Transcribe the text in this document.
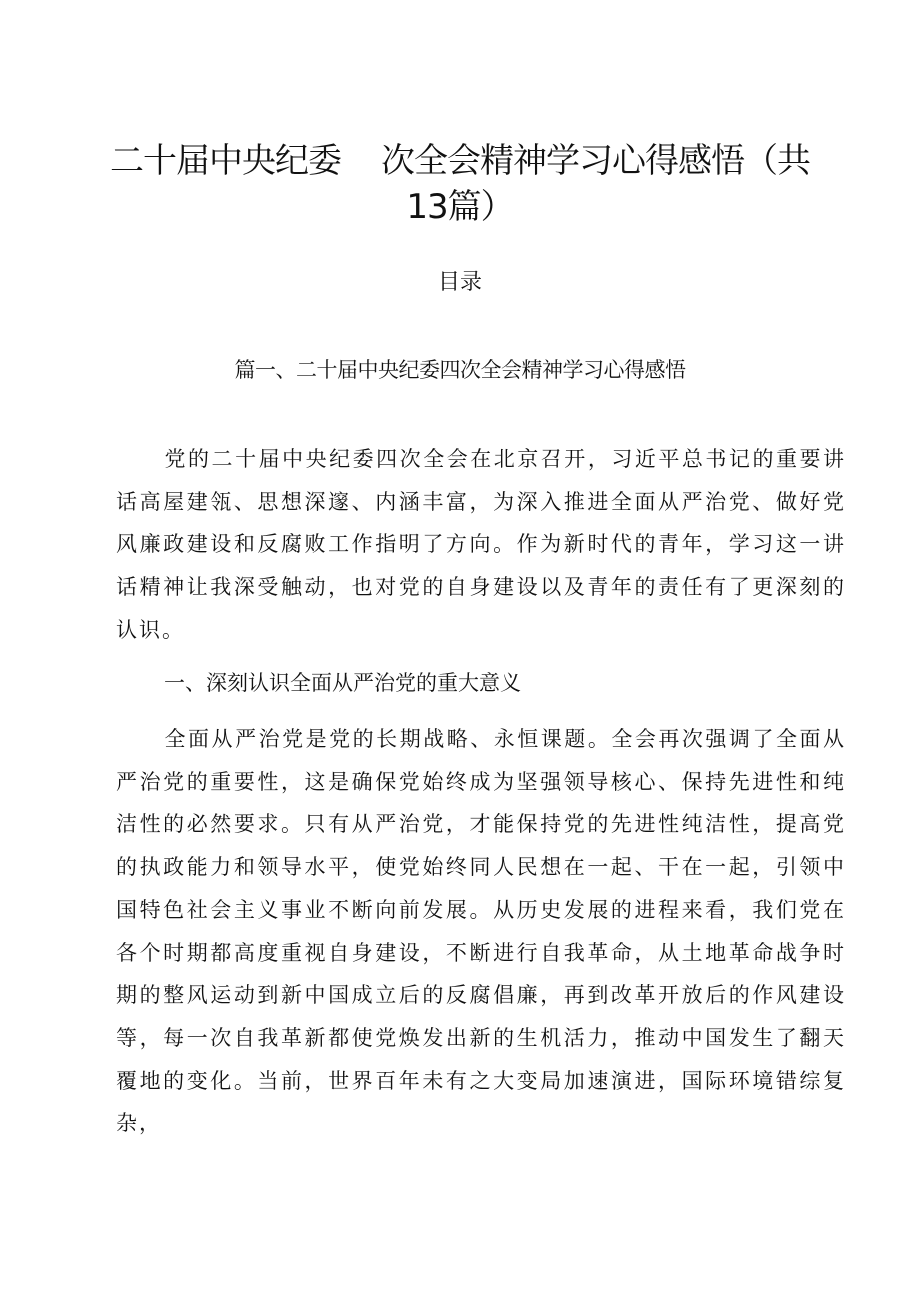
二十届中央纪委 次全会精神学习心得感悟（共
13篇）
目录
篇一、二十届中央纪委四次全会精神学习心得感悟

党的二十届中央纪委四次全会在北京召开，习近平总书记的重要讲话高屋建瓴、思想深邃、内涵丰富，为深入推进全面从严治党、做好党风廉政建设和反腐败工作指明了方向。作为新时代的青年，学习这一讲话精神让我深受触动，也对党的自身建设以及青年的责任有了更深刻的认识。

一、深刻认识全面从严治党的重大意义

全面从严治党是党的长期战略、永恒课题。全会再次强调了全面从严治党的重要性，这是确保党始终成为坚强领导核心、保持先进性和纯洁性的必然要求。只有从严治党，才能保持党的先进性纯洁性，提高党的执政能力和领导水平，使党始终同人民想在一起、干在一起，引领中国特色社会主义事业不断向前发展。从历史发展的进程来看，我们党在各个时期都高度重视自身建设，不断进行自我革命，从土地革命战争时期的整风运动到新中国成立后的反腐倡廉，再到改革开放后的作风建设等，每一次自我革新都使党焕发出新的生机活力，推动中国发生了翻天覆地的变化。当前，世界百年未有之大变局加速演进，国际环境错综复杂，
